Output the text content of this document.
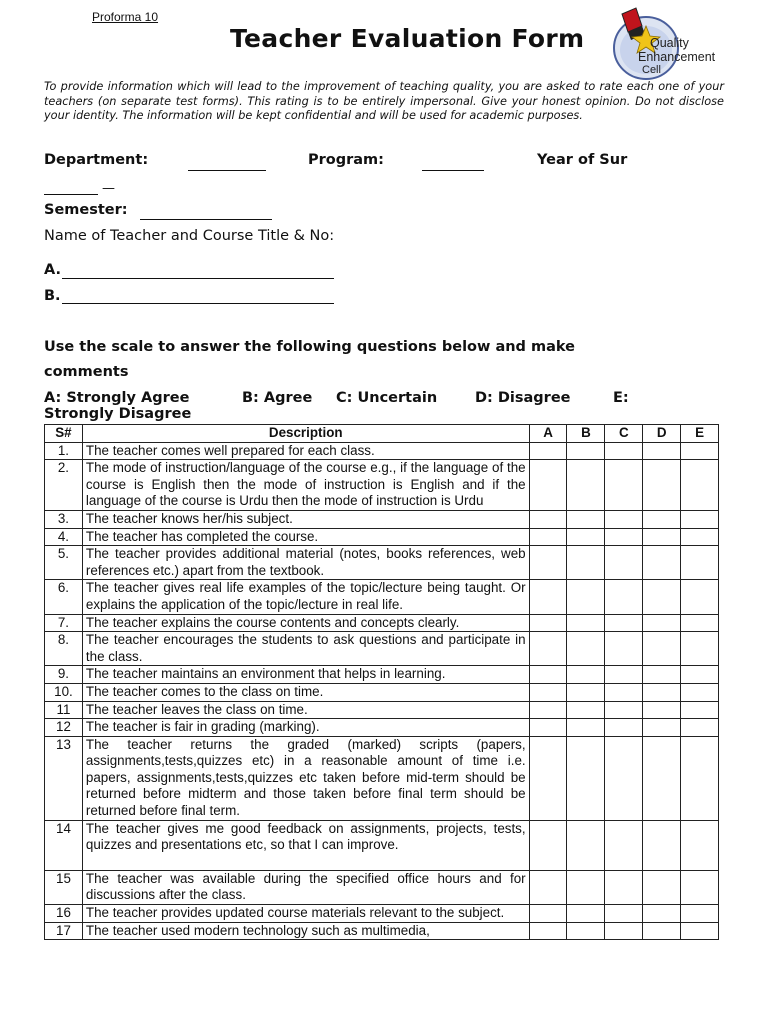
Proforma 10
Teacher Evaluation Form	Quality
Enhancement
Cell
To provide information which will lead to the improvement of teaching quality, you are asked to rate each one of your teachers (on separate test forms). This rating is to be entirely impersonal. Give your honest opinion. Do not disclose your identity. The information will be kept confidential and will be used for academic purposes.
Department:	Program:	Year of Sur
—
Semester:
Name of Teacher and Course Title & No:
A.
B.
Use the scale to answer the following questions below and make
comments
A: Strongly Agree	B: Agree C: Uncertain	D: Disagree	E:
Strongly Disagree
S#	Description	A	B	C	D	E
1.	The teacher comes well prepared for each class.					
2.	The mode of instruction/language of the course e.g., if the language of the course is English then the mode of instruction is English and if the language of the course is Urdu then the mode of instruction is Urdu					
3.	The teacher knows her/his subject.					
4.	The teacher has completed the course.					
5.	The teacher provides additional material (notes, books references, web references etc.) apart from the textbook.					
6.	The teacher gives real life examples of the topic/lecture being taught. Or explains the application of the topic/lecture in real life.					
7.	The teacher explains the course contents and concepts clearly.					
8.	The teacher encourages the students to ask questions and participate in the class.					
9.	The teacher maintains an environment that helps in learning.					
10.	The teacher comes to the class on time.					
11	The teacher leaves the class on time.					
12	The teacher is fair in grading (marking).					
13	The teacher returns the graded (marked) scripts (papers, assignments,tests,quizzes etc) in a reasonable amount of time i.e. papers, assignments,tests,quizzes etc taken before mid-term should be returned before midterm and those taken before final term should be returned before final term.					
14	The teacher gives me good feedback on assignments, projects, tests, quizzes and presentations etc, so that I can improve.					
15	The teacher was available during the specified office hours and for discussions after the class.					
16	The teacher provides updated course materials relevant to the subject.					
17	The teacher used modern technology such as multimedia,					
